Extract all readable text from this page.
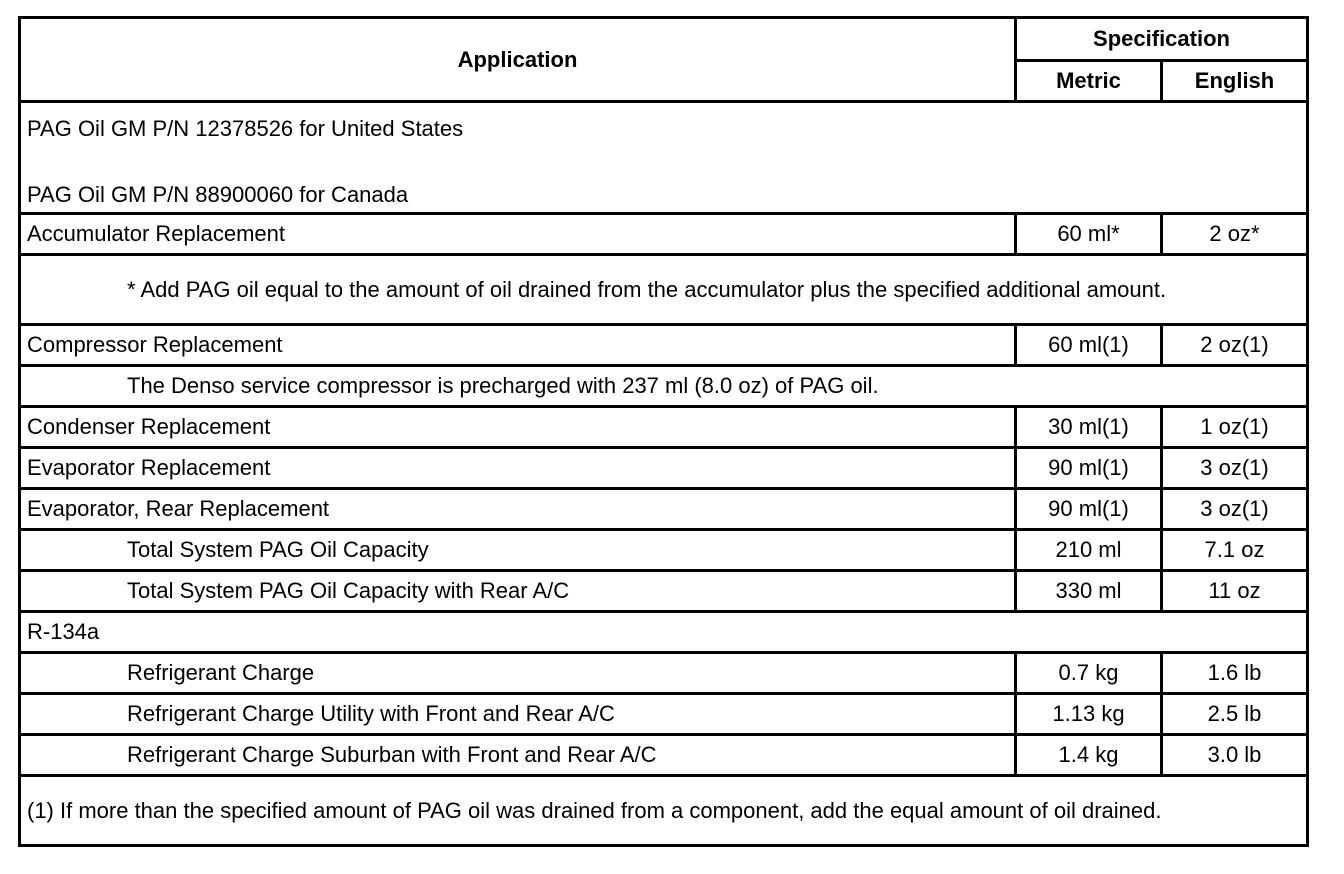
Application	Specification	
	Metric	English

PAG Oil GM P/N 12378526 for United States
PAG Oil GM P/N 88900060 for Canada		

Accumulator Replacement	60 ml*	2 oz*
* Add PAG oil equal to the amount of oil drained from the accumulator plus the specified additional amount.		
Compressor Replacement	60 ml(1)	2 oz(1)
The Denso service compressor is precharged with 237 ml (8.0 oz) of PAG oil.		
Condenser Replacement	30 ml(1)	1 oz(1)
Evaporator Replacement	90 ml(1)	3 oz(1)
Evaporator, Rear Replacement	90 ml(1)	3 oz(1)
Total System PAG Oil Capacity	210 ml	7.1 oz
Total System PAG Oil Capacity with Rear A/C	330 ml	11 oz
R-134a		
Refrigerant Charge	0.7 kg	1.6 lb
Refrigerant Charge Utility with Front and Rear A/C	1.13 kg	2.5 lb
Refrigerant Charge Suburban with Front and Rear A/C	1.4 kg	3.0 lb
(1) If more than the specified amount of PAG oil was drained from a component, add the equal amount of oil drained.		
